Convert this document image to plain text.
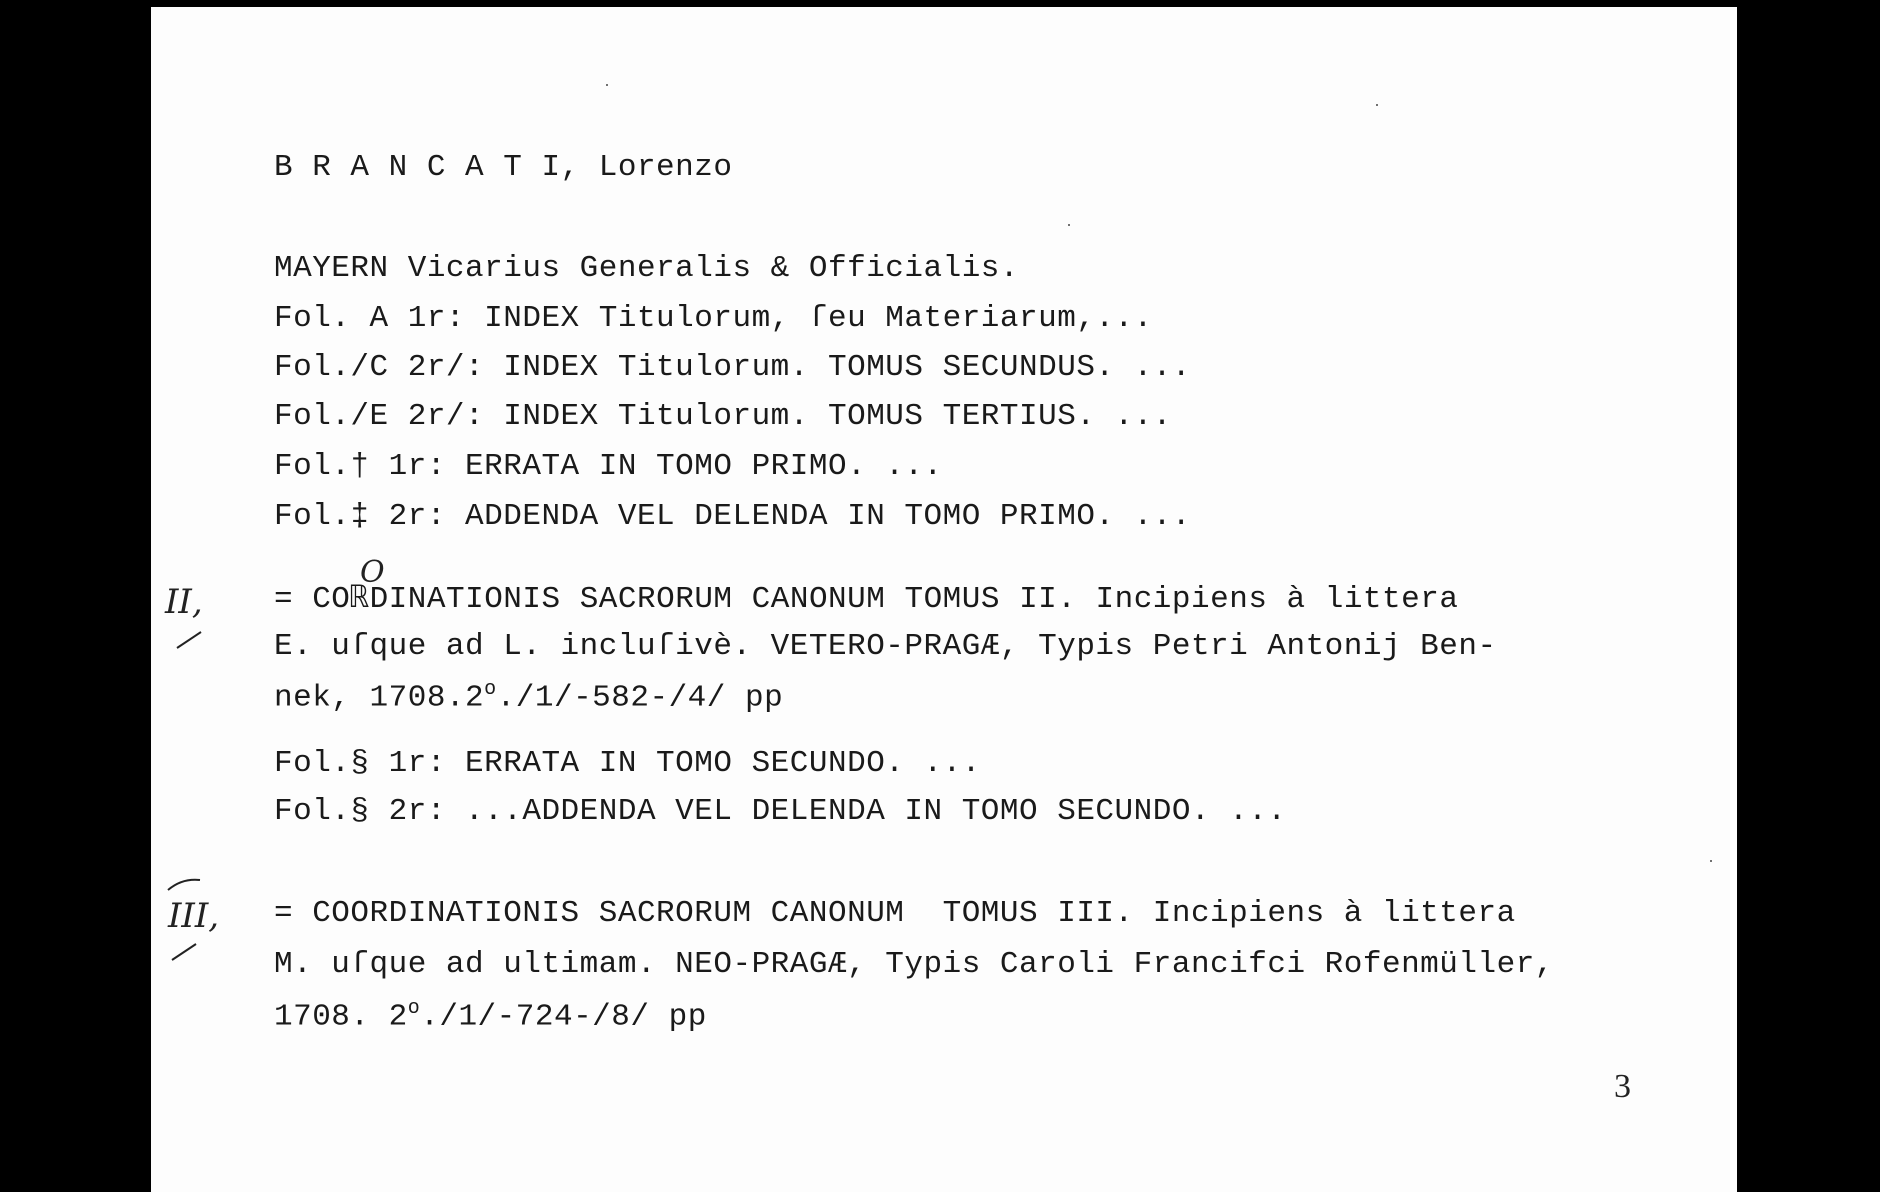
B R A N C A T I, Lorenzo
MAYERN Vicarius Generalis & Officialis.
Fol. A 1r: INDEX Titulorum, ſeu Materiarum,...
Fol./C 2r/: INDEX Titulorum. TOMUS SECUNDUS. ...
Fol./E 2r/: INDEX Titulorum. TOMUS TERTIUS. ...
Fol.† 1r: ERRATA IN TOMO PRIMO. ...
Fol.‡ 2r: ADDENDA VEL DELENDA IN TOMO PRIMO. ...
O
II, = COℝDINATIONIS SACRORUM CANONUM TOMUS II. Incipiens à littera
E. uſque ad L. incluſivè. VETERO-PRAGÆ, Typis Petri Antonij Ben-
nek, 1708.2$^o$./1/-582-/4/ pp
Fol.§ 1r: ERRATA IN TOMO SECUNDO. ...
Fol.§ 2r: ...ADDENDA VEL DELENDA IN TOMO SECUNDO. ...
III, = COORDINATIONIS SACRORUM CANONUM  TOMUS III. Incipiens à littera
M. uſque ad ultimam. NEO-PRAGÆ, Typis Caroli Francifci Rofenmüller,
1708. 2$^o$./1/-724-/8/ pp
3
